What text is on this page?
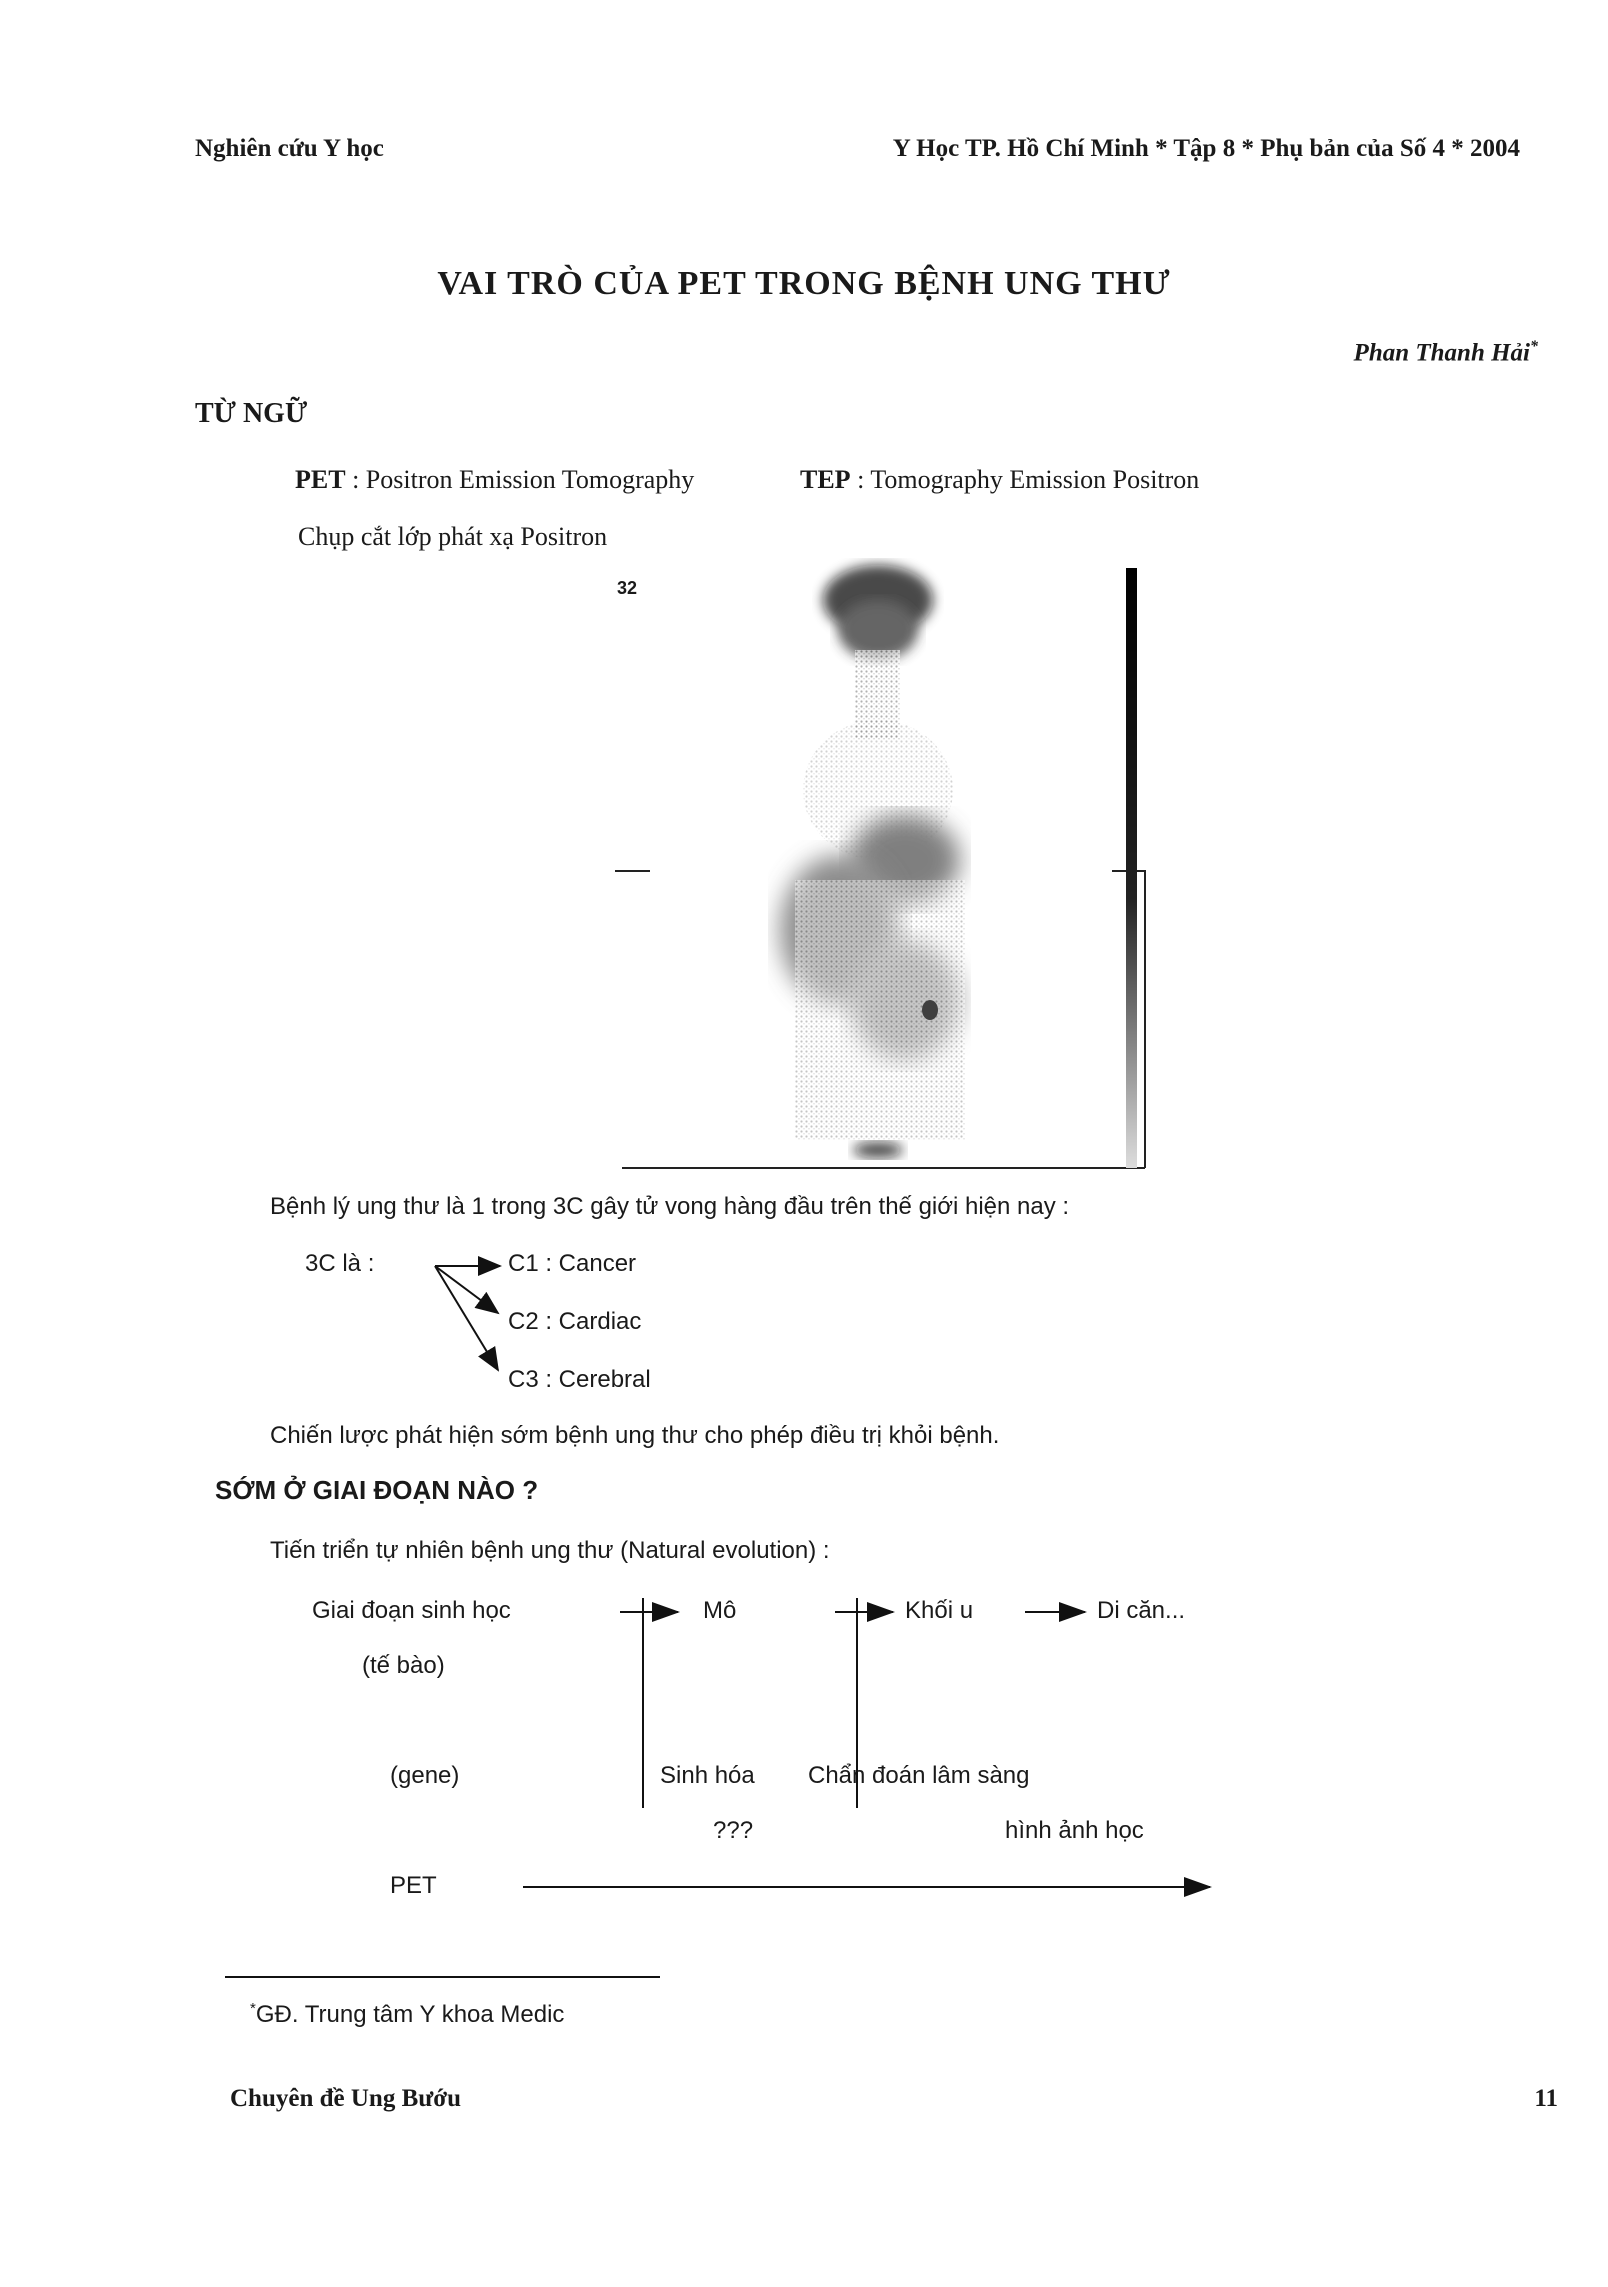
Nghiên cứu Y học	Y Học TP. Hồ Chí Minh * Tập 8 * Phụ bản của Số 4 * 2004
VAI TRÒ CỦA PET TRONG BỆNH UNG THƯ
Phan Thanh Hải*
TỪ NGỮ
PET : Positron Emission Tomography	TEP : Tomography Emission Positron
Chụp cắt lớp phát xạ Positron
32
Bệnh lý ung thư là 1 trong 3C gây tử vong hàng đầu trên thế giới hiện nay :
3C là :	C1 : Cancer
C2 : Cardiac
C3 : Cerebral
Chiến lược phát hiện sớm bệnh ung thư cho phép điều trị khỏi bệnh.
SỚM Ở GIAI ĐOẠN NÀO ?
Tiến triển tự nhiên bệnh ung thư (Natural evolution) :
Giai đoạn sinh học	Mô	Khối u	Di căn...
(tế bào)
(gene)	Sinh hóa Chẩn đoán lâm sàng
???	hình ảnh học
PET
*GĐ. Trung tâm Y khoa Medic
Chuyên đề Ung Bướu	11
